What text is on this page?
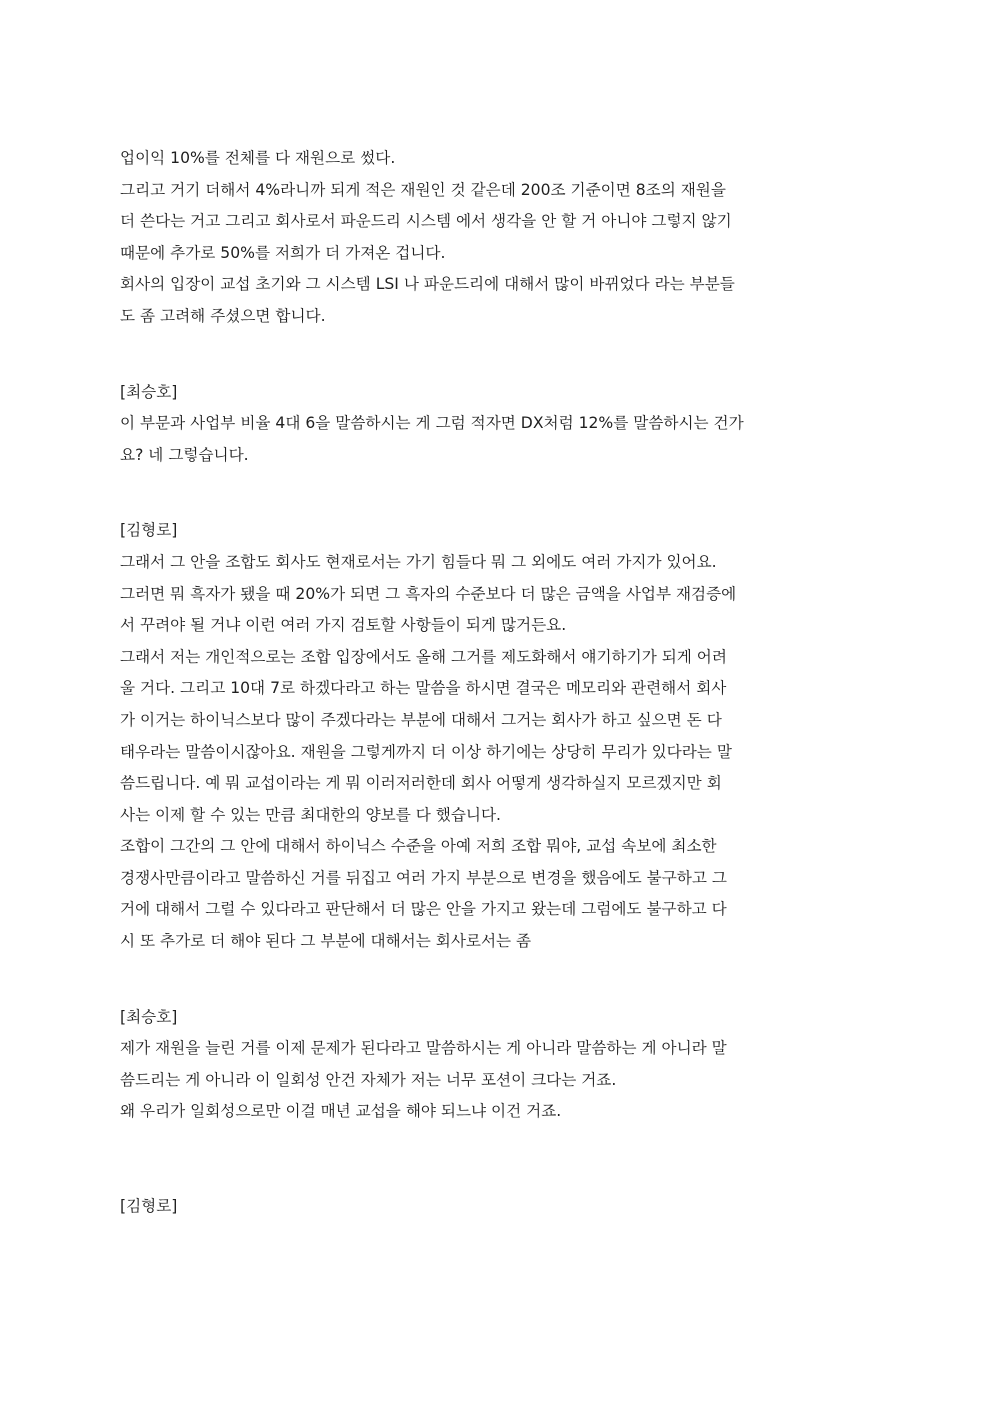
업이익 10%를 전체를 다 재원으로 썼다.
그리고 거기 더해서 4%라니까 되게 적은 재원인 것 같은데 200조 기준이면 8조의 재원을
더 쓴다는 거고 그리고 회사로서 파운드리 시스템 에서 생각을 안 할 거 아니야 그렇지 않기
때문에 추가로 50%를 저희가 더 가져온 겁니다.
회사의 입장이 교섭 초기와 그 시스템 LSI 나 파운드리에 대해서 많이 바뀌었다 라는 부분들
도 좀 고려해 주셨으면 합니다.
[최승호]
이 부문과 사업부 비율 4대 6을 말씀하시는 게 그럼 적자면 DX처럼 12%를 말씀하시는 건가
요? 네 그렇습니다.
[김형로]
그래서 그 안을 조합도 회사도 현재로서는 가기 힘들다 뭐 그 외에도 여러 가지가 있어요.
그러면 뭐 흑자가 됐을 때 20%가 되면 그 흑자의 수준보다 더 많은 금액을 사업부 재검증에
서 꾸려야 될 거냐 이런 여러 가지 검토할 사항들이 되게 많거든요.
그래서 저는 개인적으로는 조합 입장에서도 올해 그거를 제도화해서 얘기하기가 되게 어려
울 거다. 그리고 10대 7로 하겠다라고 하는 말씀을 하시면 결국은 메모리와 관련해서 회사
가 이거는 하이닉스보다 많이 주겠다라는 부분에 대해서 그거는 회사가 하고 싶으면 돈 다
태우라는 말씀이시잖아요. 재원을 그렇게까지 더 이상 하기에는 상당히 무리가 있다라는 말
씀드립니다. 예 뭐 교섭이라는 게 뭐 이러저러한데 회사 어떻게 생각하실지 모르겠지만 회
사는 이제 할 수 있는 만큼 최대한의 양보를 다 했습니다.
조합이 그간의 그 안에 대해서 하이닉스 수준을 아예 저희 조합 뭐야, 교섭 속보에 최소한
경쟁사만큼이라고 말씀하신 거를 뒤집고 여러 가지 부분으로 변경을 했음에도 불구하고 그
거에 대해서 그럴 수 있다라고 판단해서 더 많은 안을 가지고 왔는데 그럼에도 불구하고 다
시 또 추가로 더 해야 된다 그 부분에 대해서는 회사로서는 좀
[최승호]
제가 재원을 늘린 거를 이제 문제가 된다라고 말씀하시는 게 아니라 말씀하는 게 아니라 말
씀드리는 게 아니라 이 일회성 안건 자체가 저는 너무 포션이 크다는 거죠.
왜 우리가 일회성으로만 이걸 매년 교섭을 해야 되느냐 이건 거죠.
[김형로]
